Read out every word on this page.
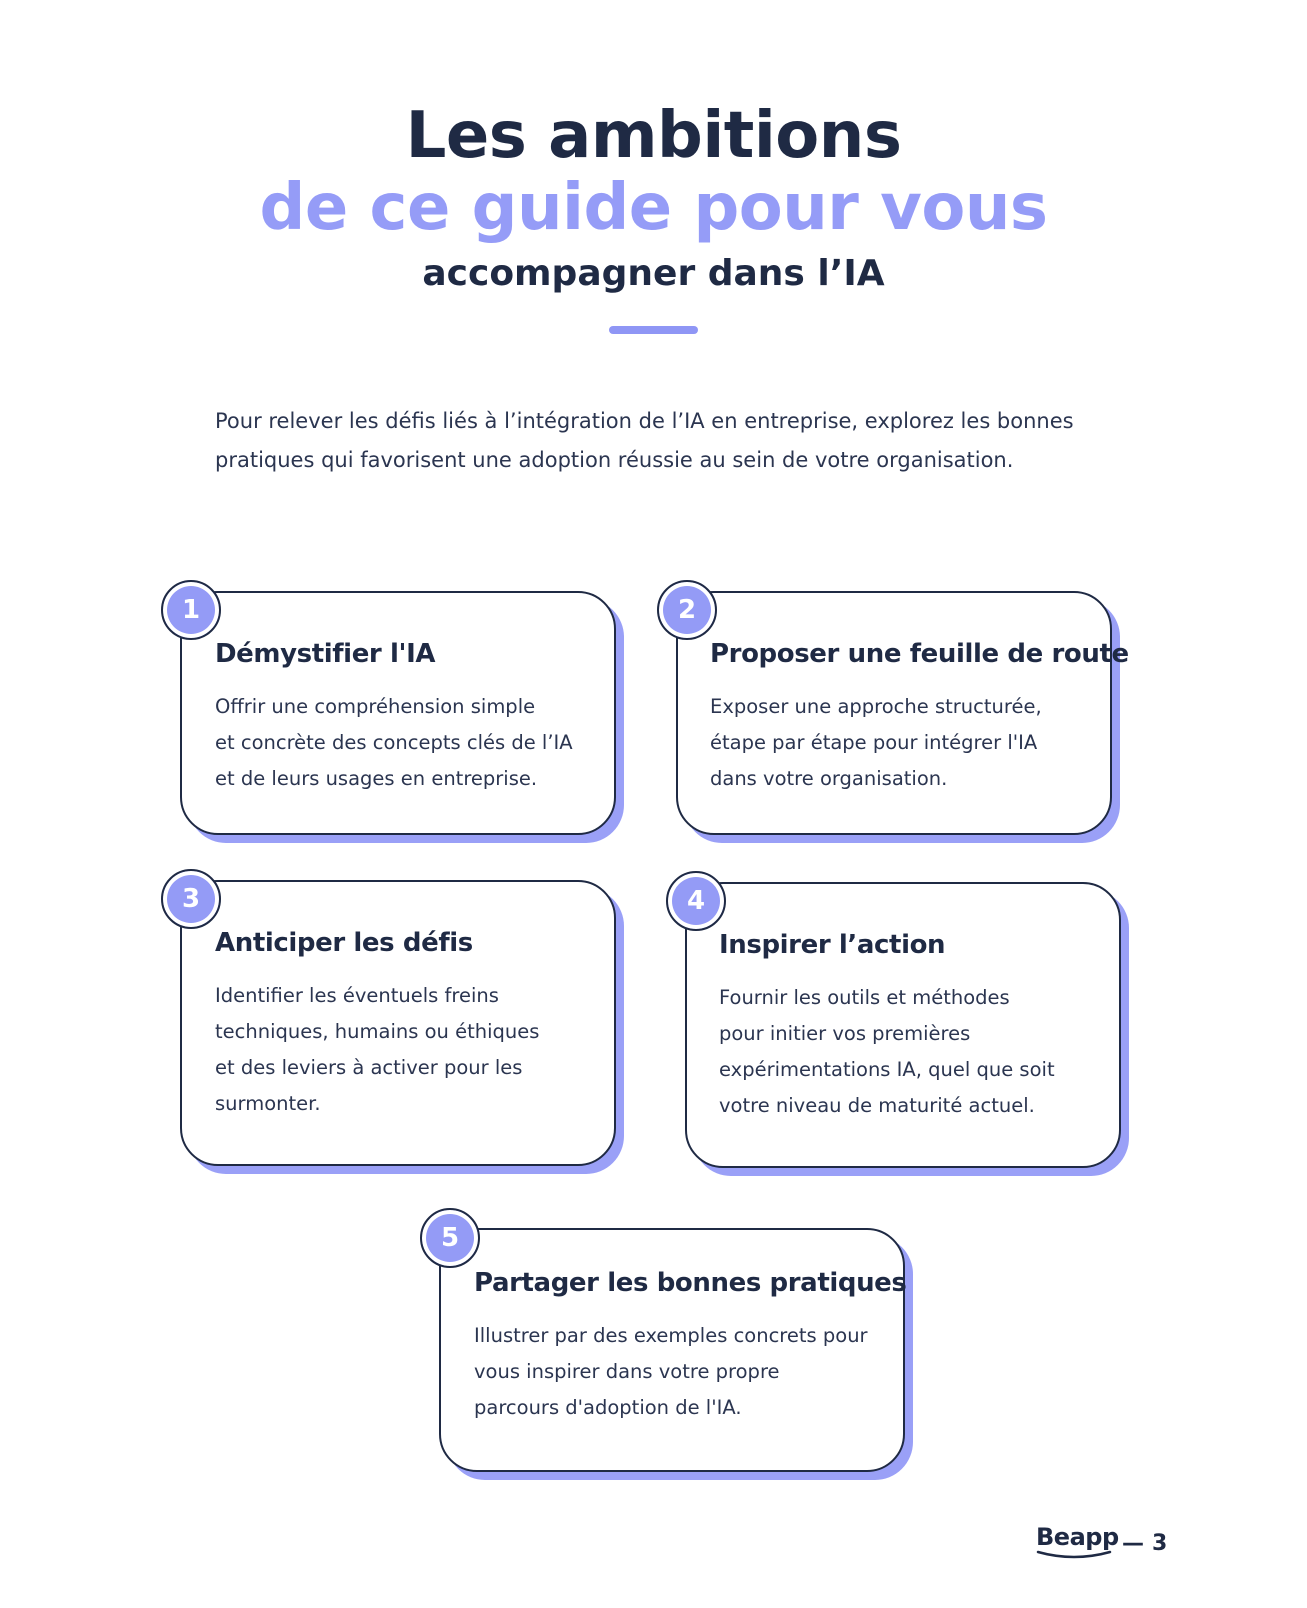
Les ambitions
de ce guide pour vous
accompagner dans l’IA

Pour relever les défis liés à l’intégration de l’IA en entreprise, explorez les bonnes pratiques qui favorisent une adoption réussie au sein de votre organisation.

1
Démystifier l'IA
Offrir une compréhension simple
et concrète des concepts clés de l’IA
et de leurs usages en entreprise.
2
Proposer une feuille de route
Exposer une approche structurée,
étape par étape pour intégrer l'IA
dans votre organisation.
3
Anticiper les défis
Identifier les éventuels freins
techniques, humains ou éthiques
et des leviers à activer pour les
surmonter.
4
Inspirer l’action
Fournir les outils et méthodes
pour initier vos premières
expérimentations IA, quel que soit
votre niveau de maturité actuel.
5
Partager les bonnes pratiques
Illustrer par des exemples concrets pour
vous inspirer dans votre propre
parcours d'adoption de l'IA.
Beapp — 3
